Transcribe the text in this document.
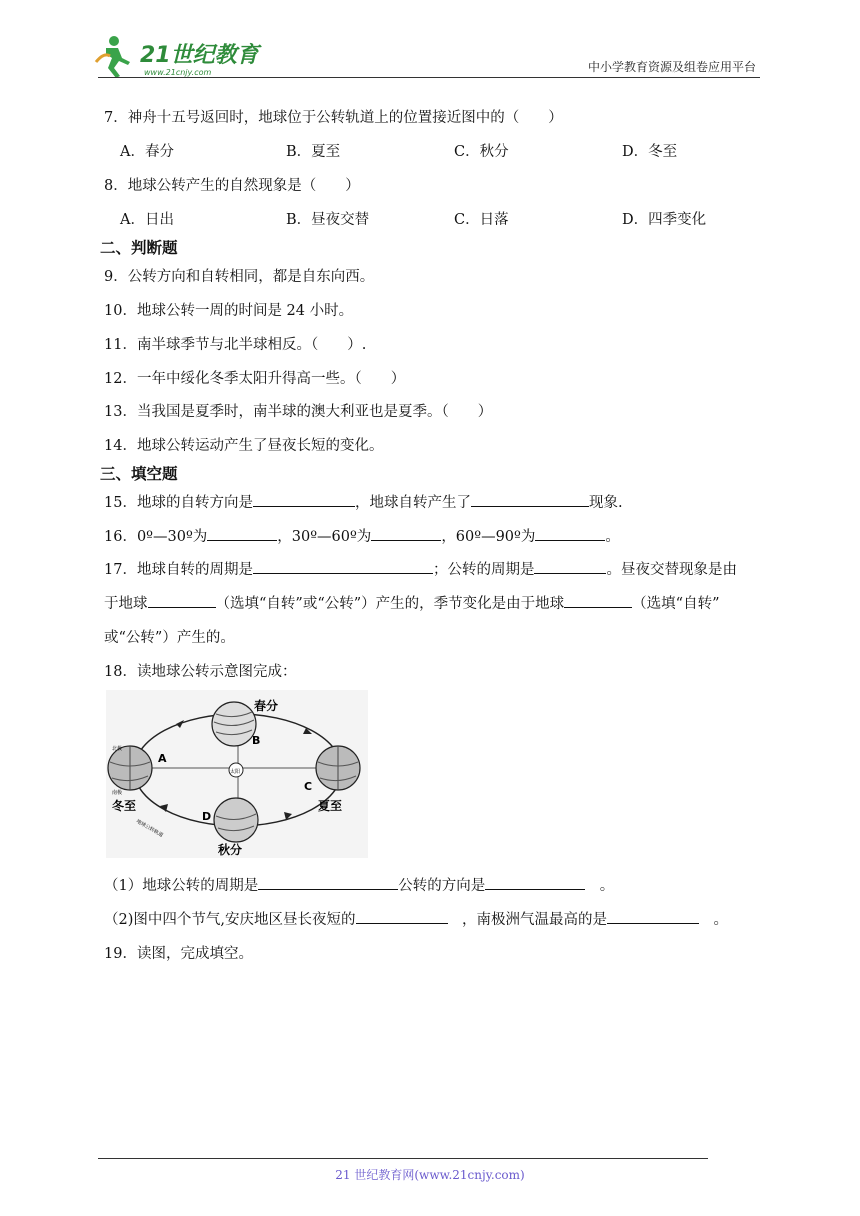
21世纪教育
www.21cnjy.com	中小学教育资源及组卷应用平台
7．神舟十五号返回时，地球位于公转轨道上的位置接近图中的（　　）
A．春分	B．夏至	C．秋分	D．冬至
8．地球公转产生的自然现象是（　　）
A．日出	B．昼夜交替	C．日落	D．四季变化
二、判断题
9．公转方向和自转相同，都是自东向西。
10．地球公转一周的时间是 24 小时。
11．南半球季节与北半球相反。（　　）.
12．一年中绥化冬季太阳升得高一些。（　　）
13．当我国是夏季时，南半球的澳大利亚也是夏季。（　　）
14．地球公转运动产生了昼夜长短的变化。
三、填空题
15．地球的自转方向是	，地球自转产生了	现象.
16．0º—30º为	，30º—60º为	，60º—90º为	。
17．地球自转的周期是	；公转的周期是	。昼夜交替现象是由
于地球	（选填“自转”或“公转”）产生的，季节变化是由于地球	（选填“自转”
或“公转”）产生的。
18．读地球公转示意图完成：
太阳
春分
B
A
冬至
C
夏至
D
秋分
北极
南极
地球公转轨道
（1）地球公转的周期是	公转的方向是	　。
（2)图中四个节气,安庆地区昼长夜短的	　，南极洲气温最高的是	　。
19．读图，完成填空。
21 世纪教育网(www.21cnjy.com)
